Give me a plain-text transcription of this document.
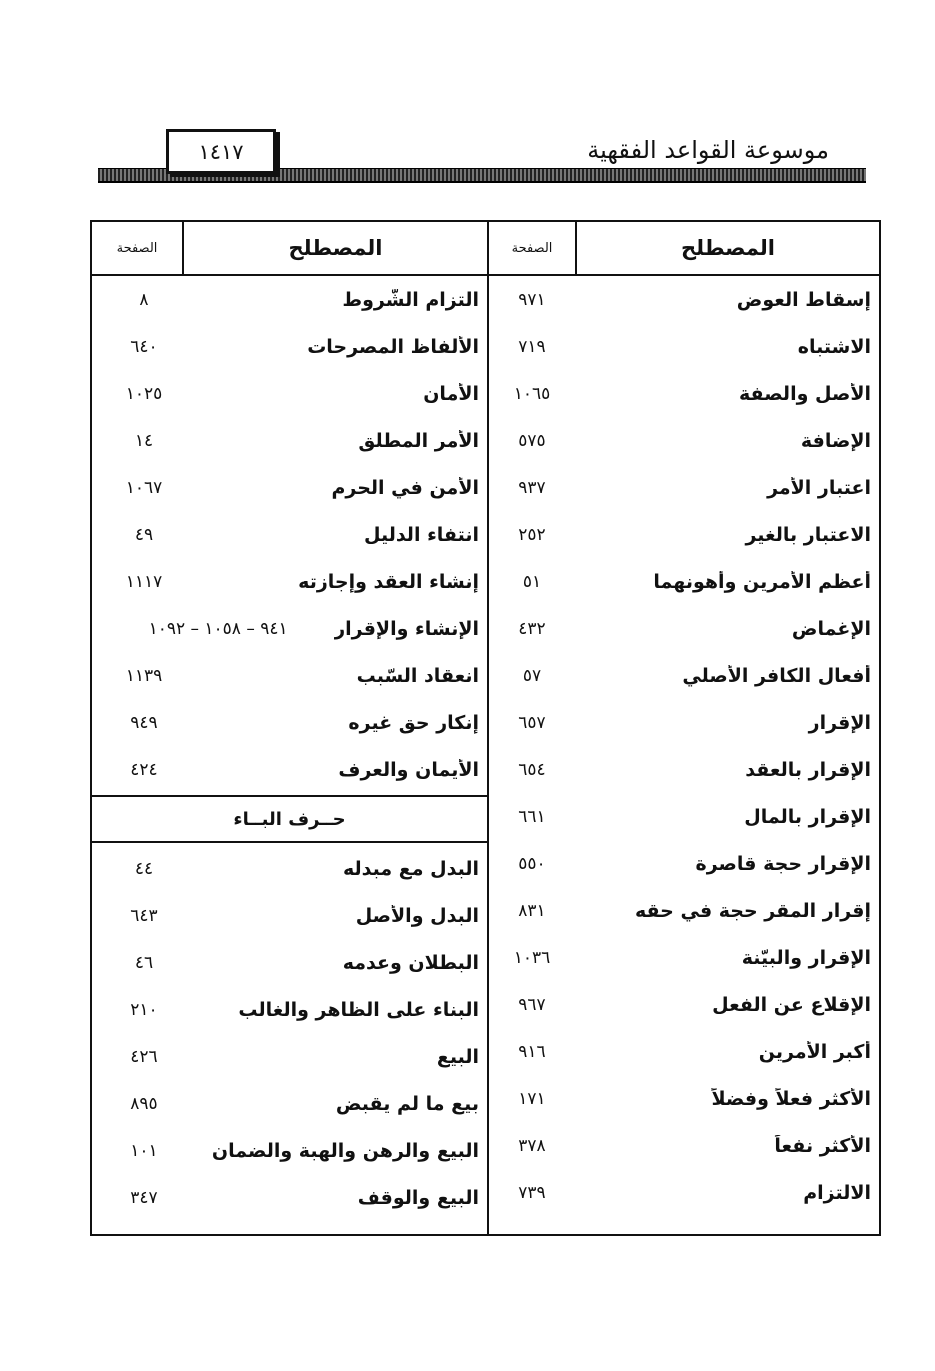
موسوعة القواعد الفقهية
١٤١٧
المصطلح
الصفحة
إسقاط العوض
٩٧١
الاشتباه
٧١٩
الأصل والصفة
١٠٦٥
الإضافة
٥٧٥
اعتبار الأمر
٩٣٧
الاعتبار بالغير
٢٥٢
أعظم الأمرين وأهونهما
٥١
الإغماض
٤٣٢
أفعال الكافر الأصلي
٥٧
الإقرار
٦٥٧
الإقرار بالعقد
٦٥٤
الإقرار بالمال
٦٦١
الإقرار حجة قاصرة
٥٥٠
إقرار المقر حجة في حقه
٨٣١
الإقرار والبيّنة
١٠٣٦
الإقلاع عن الفعل
٩٦٧
أكبر الأمرين
٩١٦
الأكثر فعلاً وفضلاً
١٧١
الأكثر نفعاً
٣٧٨
الالتزام
٧٣٩
المصطلح
الصفحة
التزام الشّروط
٨
الألفاظ المصرحات
٦٤٠
الأمان
١٠٢٥
الأمر المطلق
١٤
الأمن في الحرم
١٠٦٧
انتفاء الدليل
٤٩
إنشاء العقد وإجازته
١١١٧
الإنشاء والإقرار
٩٤١ – ١٠٥٨ – ١٠٩٢
انعقاد السّبب
١١٣٩
إنكار حق غيره
٩٤٩
الأيمان والعرف
٤٢٤
حــرف البــاء
البدل مع مبدله
٤٤
البدل والأصل
٦٤٣
البطلان وعدمه
٤٦
البناء على الظاهر والغالب
٢١٠
البيع
٤٢٦
بيع ما لم يقبض
٨٩٥
البيع والرهن والهبة والضمان
١٠١
البيع والوقف
٣٤٧
